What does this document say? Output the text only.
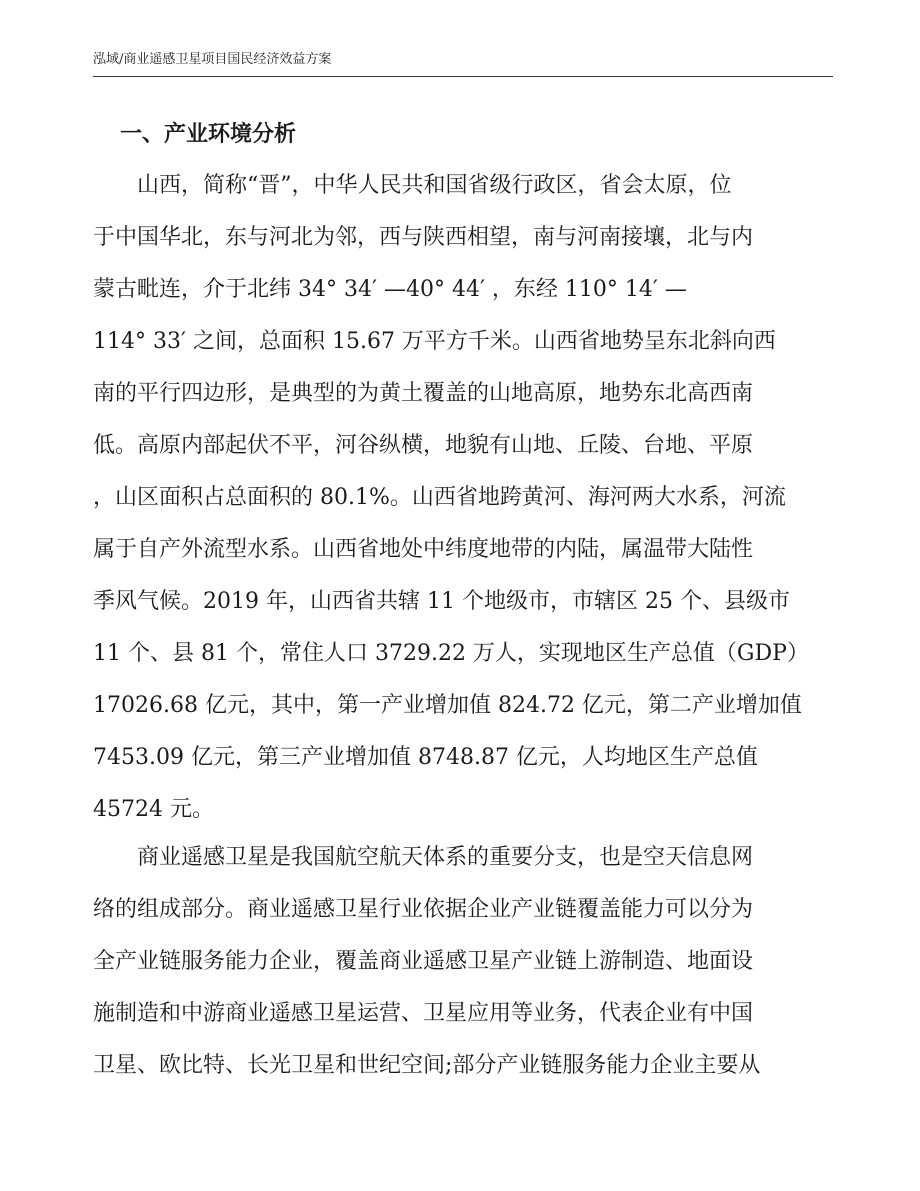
泓域/商业遥感卫星项目国民经济效益方案
一、产业环境分析
山西，简称“晋”，中华人民共和国省级行政区，省会太原，位
于中国华北，东与河北为邻，西与陕西相望，南与河南接壤，北与内
蒙古毗连，介于北纬 34° 34′ —40° 44′ ，东经 110° 14′ —
114° 33′ 之间，总面积 15.67 万平方千米。山西省地势呈东北斜向西
南的平行四边形，是典型的为黄土覆盖的山地高原，地势东北高西南
低。高原内部起伏不平，河谷纵横，地貌有山地、丘陵、台地、平原
，山区面积占总面积的 80.1%。山西省地跨黄河、海河两大水系，河流
属于自产外流型水系。山西省地处中纬度地带的内陆，属温带大陆性
季风气候。2019 年，山西省共辖 11 个地级市，市辖区 25 个、县级市
11 个、县 81 个，常住人口 3729.22 万人，实现地区生产总值（GDP）
17026.68 亿元，其中，第一产业增加值 824.72 亿元，第二产业增加值
7453.09 亿元，第三产业增加值 8748.87 亿元，人均地区生产总值
45724 元。
商业遥感卫星是我国航空航天体系的重要分支，也是空天信息网
络的组成部分。商业遥感卫星行业依据企业产业链覆盖能力可以分为
全产业链服务能力企业，覆盖商业遥感卫星产业链上游制造、地面设
施制造和中游商业遥感卫星运营、卫星应用等业务，代表企业有中国
卫星、欧比特、长光卫星和世纪空间;部分产业链服务能力企业主要从
